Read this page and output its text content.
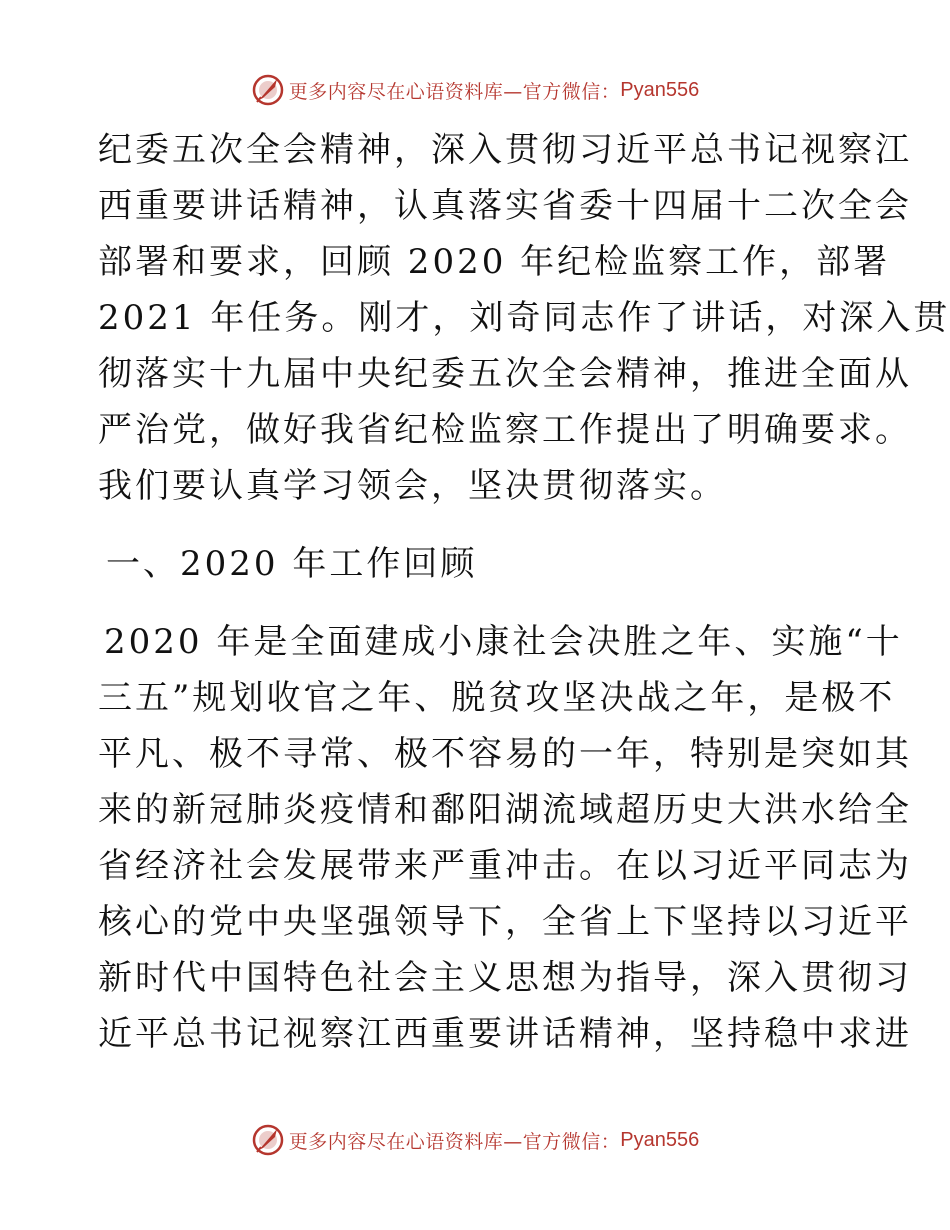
更多内容尽在心语资料库—官方微信： Pyan556
纪委五次全会精神，深入贯彻习近平总书记视察江
西重要讲话精神，认真落实省委十四届十二次全会
部署和要求，回顾 2020 年纪检监察工作，部署
2021 年任务。刚才，刘奇同志作了讲话，对深入贯
彻落实十九届中央纪委五次全会精神，推进全面从
严治党，做好我省纪检监察工作提出了明确要求。
我们要认真学习领会，坚决贯彻落实。
一、2020 年工作回顾
2020 年是全面建成小康社会决胜之年、实施“十
三五”规划收官之年、脱贫攻坚决战之年，是极不
平凡、极不寻常、极不容易的一年，特别是突如其
来的新冠肺炎疫情和鄱阳湖流域超历史大洪水给全
省经济社会发展带来严重冲击。在以习近平同志为
核心的党中央坚强领导下，全省上下坚持以习近平
新时代中国特色社会主义思想为指导，深入贯彻习
近平总书记视察江西重要讲话精神，坚持稳中求进
更多内容尽在心语资料库—官方微信： Pyan556
